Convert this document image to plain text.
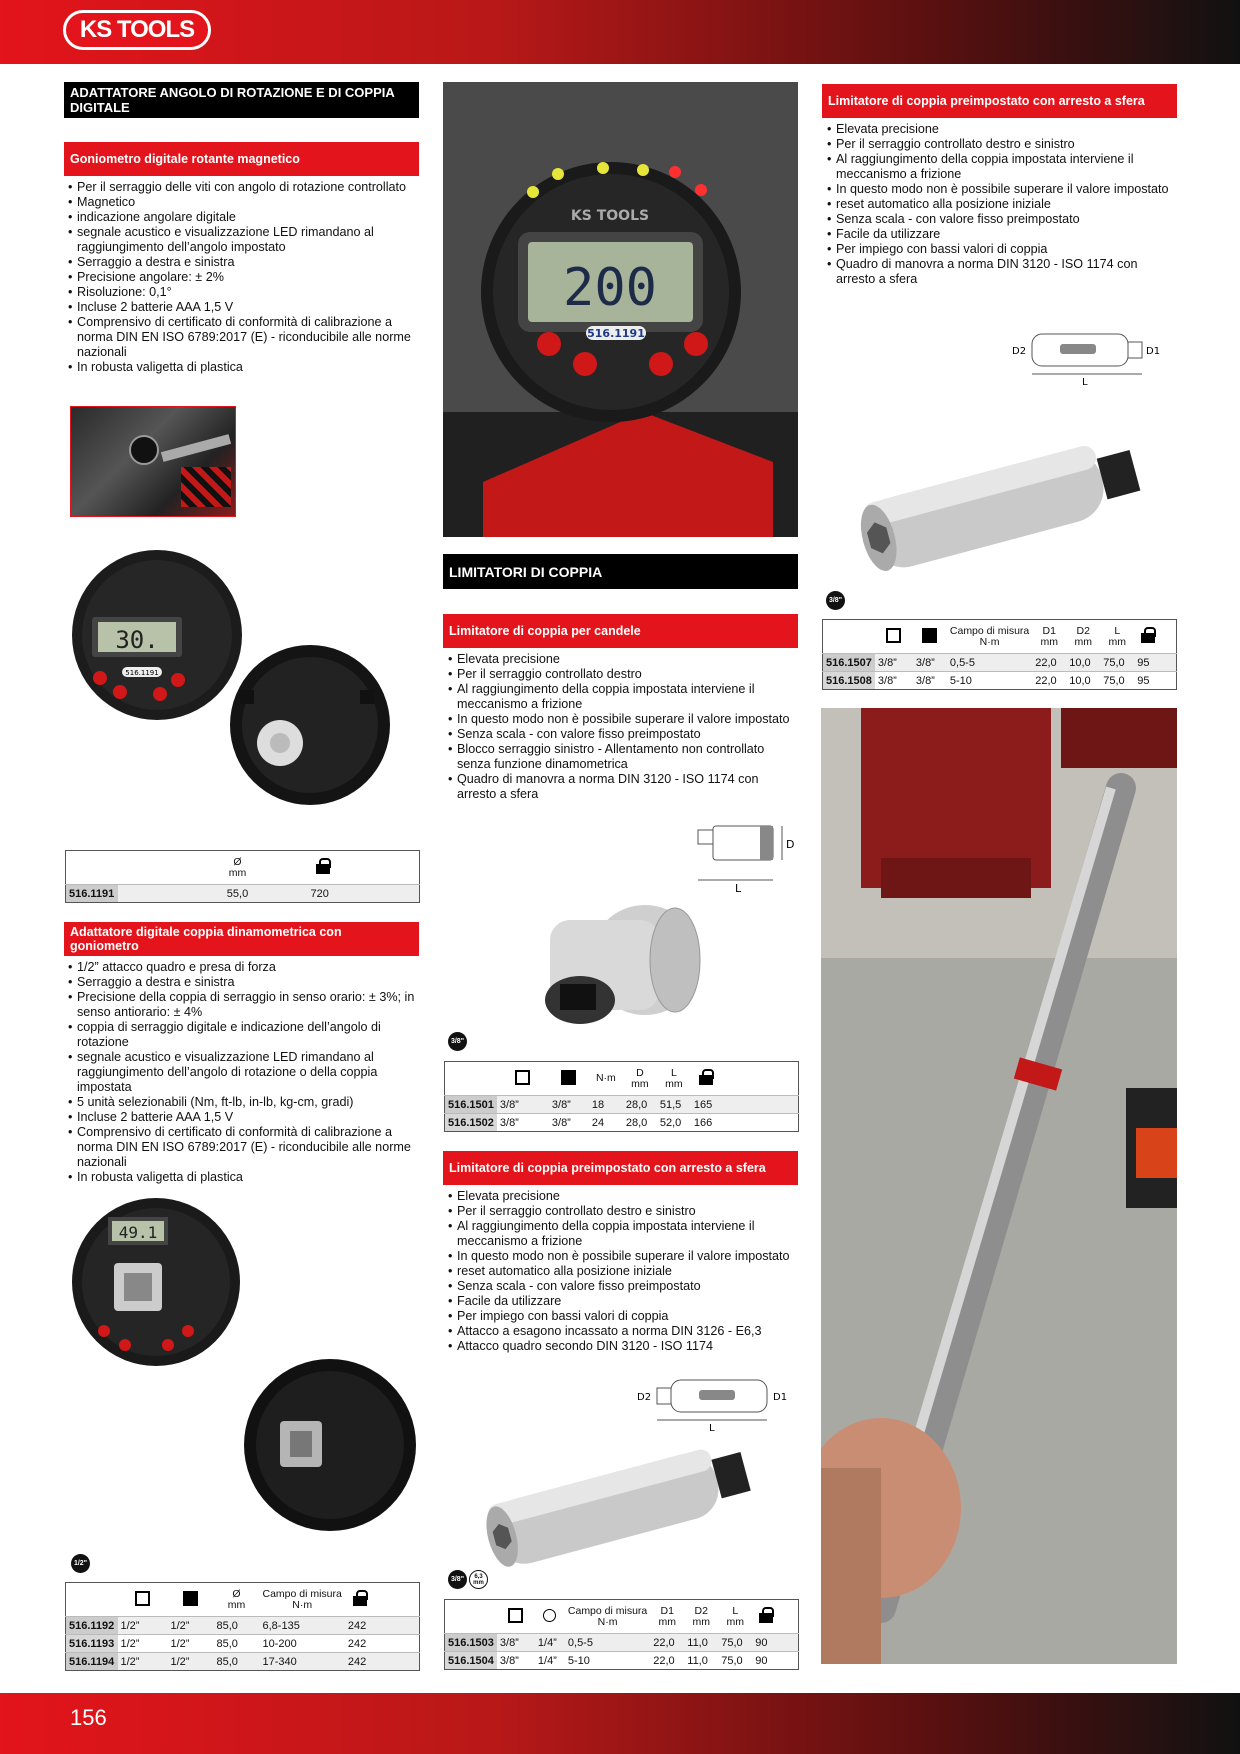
KS TOOLS
ADATTATORE ANGOLO DI ROTAZIONE E DI COPPIA DIGITALE
Goniometro digitale rotante magnetico
• Per il serraggio delle viti con angolo di rotazione controllato
• Magnetico
• indicazione angolare digitale
• segnale acustico e visualizzazione LED rimandano al raggiungimento dell’angolo impostato
• Serraggio a destra e sinistra
• Precisione angolare: ± 2%
• Risoluzione: 0,1°
• Incluse 2 batterie AAA 1,5 V
• Comprensivo di certificato di conformità di calibrazione a norma DIN EN ISO 6789:2017 (E) - riconducibile alle norme nazionali
• In robusta valigetta di plastica
30.
516.1191
		Ø
mm		
516.1191		55,0	720	
Adattatore digitale coppia dinamometrica con goniometro
• 1/2” attacco quadro e presa di forza
• Serraggio a destra e sinistra
• Precisione della coppia di serraggio in senso orario: ± 3%; in senso antiorario: ± 4%
• coppia di serraggio digitale e indicazione dell’angolo di rotazione
• segnale acustico e visualizzazione LED rimandano al raggiungimento dell’angolo di rotazione o della coppia impostata
• 5 unità selezionabili (Nm, ft-lb, in-lb, kg-cm, gradi)
• Incluse 2 batterie AAA 1,5 V
• Comprensivo di certificato di conformità di calibrazione a norma DIN EN ISO 6789:2017 (E) - riconducibile alle norme nazionali
• In robusta valigetta di plastica
49.1
1/2"
			Ø
mm	Campo di misura
N·m		
516.1192	1/2”	1/2”	85,0	6,8-135	242	
516.1193	1/2”	1/2”	85,0	10-200	242	
516.1194	1/2”	1/2”	85,0	17-340	242	
200
KS TOOLS
516.1191
LIMITATORI DI COPPIA
Limitatore di coppia per candele
• Elevata precisione
• Per il serraggio controllato destro
• Al raggiungimento della coppia impostata interviene il meccanismo a frizione
• In questo modo non è possibile superare il valore impostato
• Senza scala - con valore fisso preimpostato
• Blocco serraggio sinistro - Allentamento non controllato senza funzione dinamometrica
• Quadro di manovra a norma DIN 3120 - ISO 1174 con arresto a sfera
L
D
3/8"
			N·m	D
mm	L
mm		
516.1501	3/8”	3/8”	18	28,0	51,5	165	
516.1502	3/8”	3/8”	24	28,0	52,0	166	
Limitatore di coppia preimpostato con arresto a sfera
• Elevata precisione
• Per il serraggio controllato destro e sinistro
• Al raggiungimento della coppia impostata interviene il meccanismo a frizione
• In questo modo non è possibile superare il valore impostato
• reset automatico alla posizione iniziale
• Senza scala - con valore fisso preimpostato
• Facile da utilizzare
• Per impiego con bassi valori di coppia
• Attacco a esagono incassato a norma DIN 3126 - E6,3
• Attacco quadro secondo DIN 3120 - ISO 1174
D2	D1
L
3/8"	6,3 mm
			Campo di misura
N·m	D1
mm	D2
mm	L
mm		
516.1503	3/8”	1/4”	0,5-5	22,0	11,0	75,0	90	
516.1504	3/8”	1/4”	5-10	22,0	11,0	75,0	90	
Limitatore di coppia preimpostato con arresto a sfera
• Elevata precisione
• Per il serraggio controllato destro e sinistro
• Al raggiungimento della coppia impostata interviene il meccanismo a frizione
• In questo modo non è possibile superare il valore impostato
• reset automatico alla posizione iniziale
• Senza scala - con valore fisso preimpostato
• Facile da utilizzare
• Per impiego con bassi valori di coppia
• Quadro di manovra a norma DIN 3120 - ISO 1174 con arresto a sfera
D2	D1
L
3/8"
			Campo di misura
N·m	D1
mm	D2
mm	L
mm		
516.1507	3/8”	3/8”	0,5-5	22,0	10,0	75,0	95	
516.1508	3/8”	3/8”	5-10	22,0	10,0	75,0	95	
156
